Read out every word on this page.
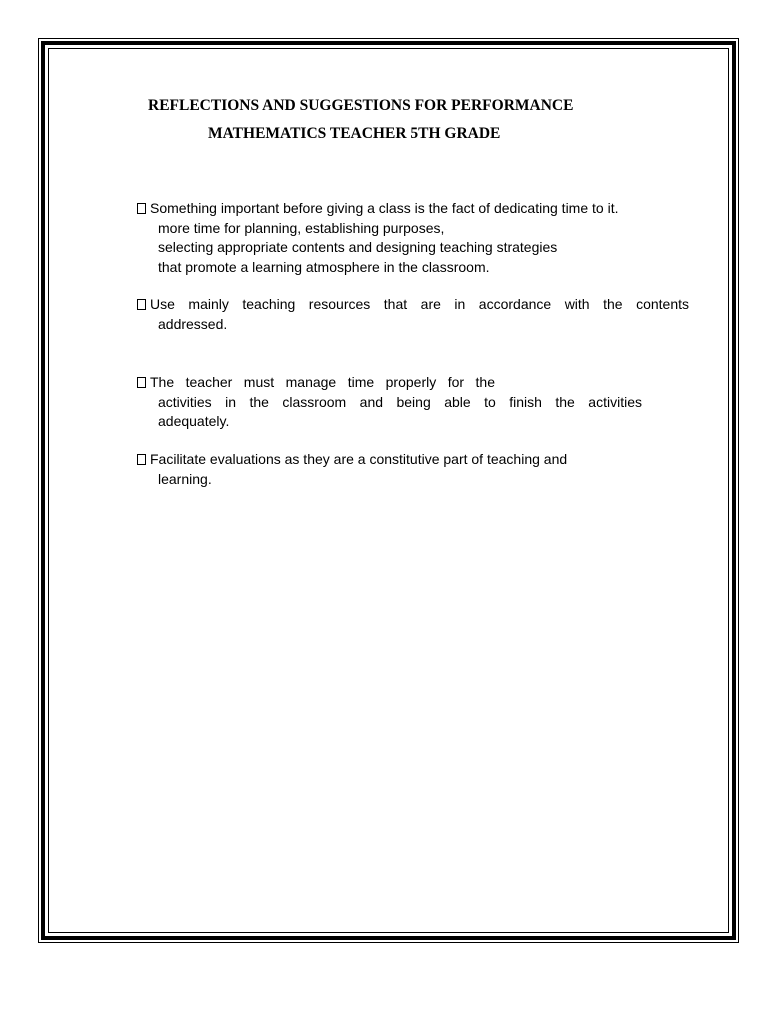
REFLECTIONS AND SUGGESTIONS FOR PERFORMANCE
MATHEMATICS TEACHER 5TH GRADE
Something important before giving a class is the fact of dedicating time to it.
more time for planning, establishing purposes,
selecting appropriate contents and designing teaching strategies
that promote a learning atmosphere in the classroom.
Use mainly teaching resources that are in accordance with the contents
addressed.
The teacher must manage time properly for the
activities in the classroom and being able to finish the activities
adequately.
Facilitate evaluations as they are a constitutive part of teaching and
learning.
